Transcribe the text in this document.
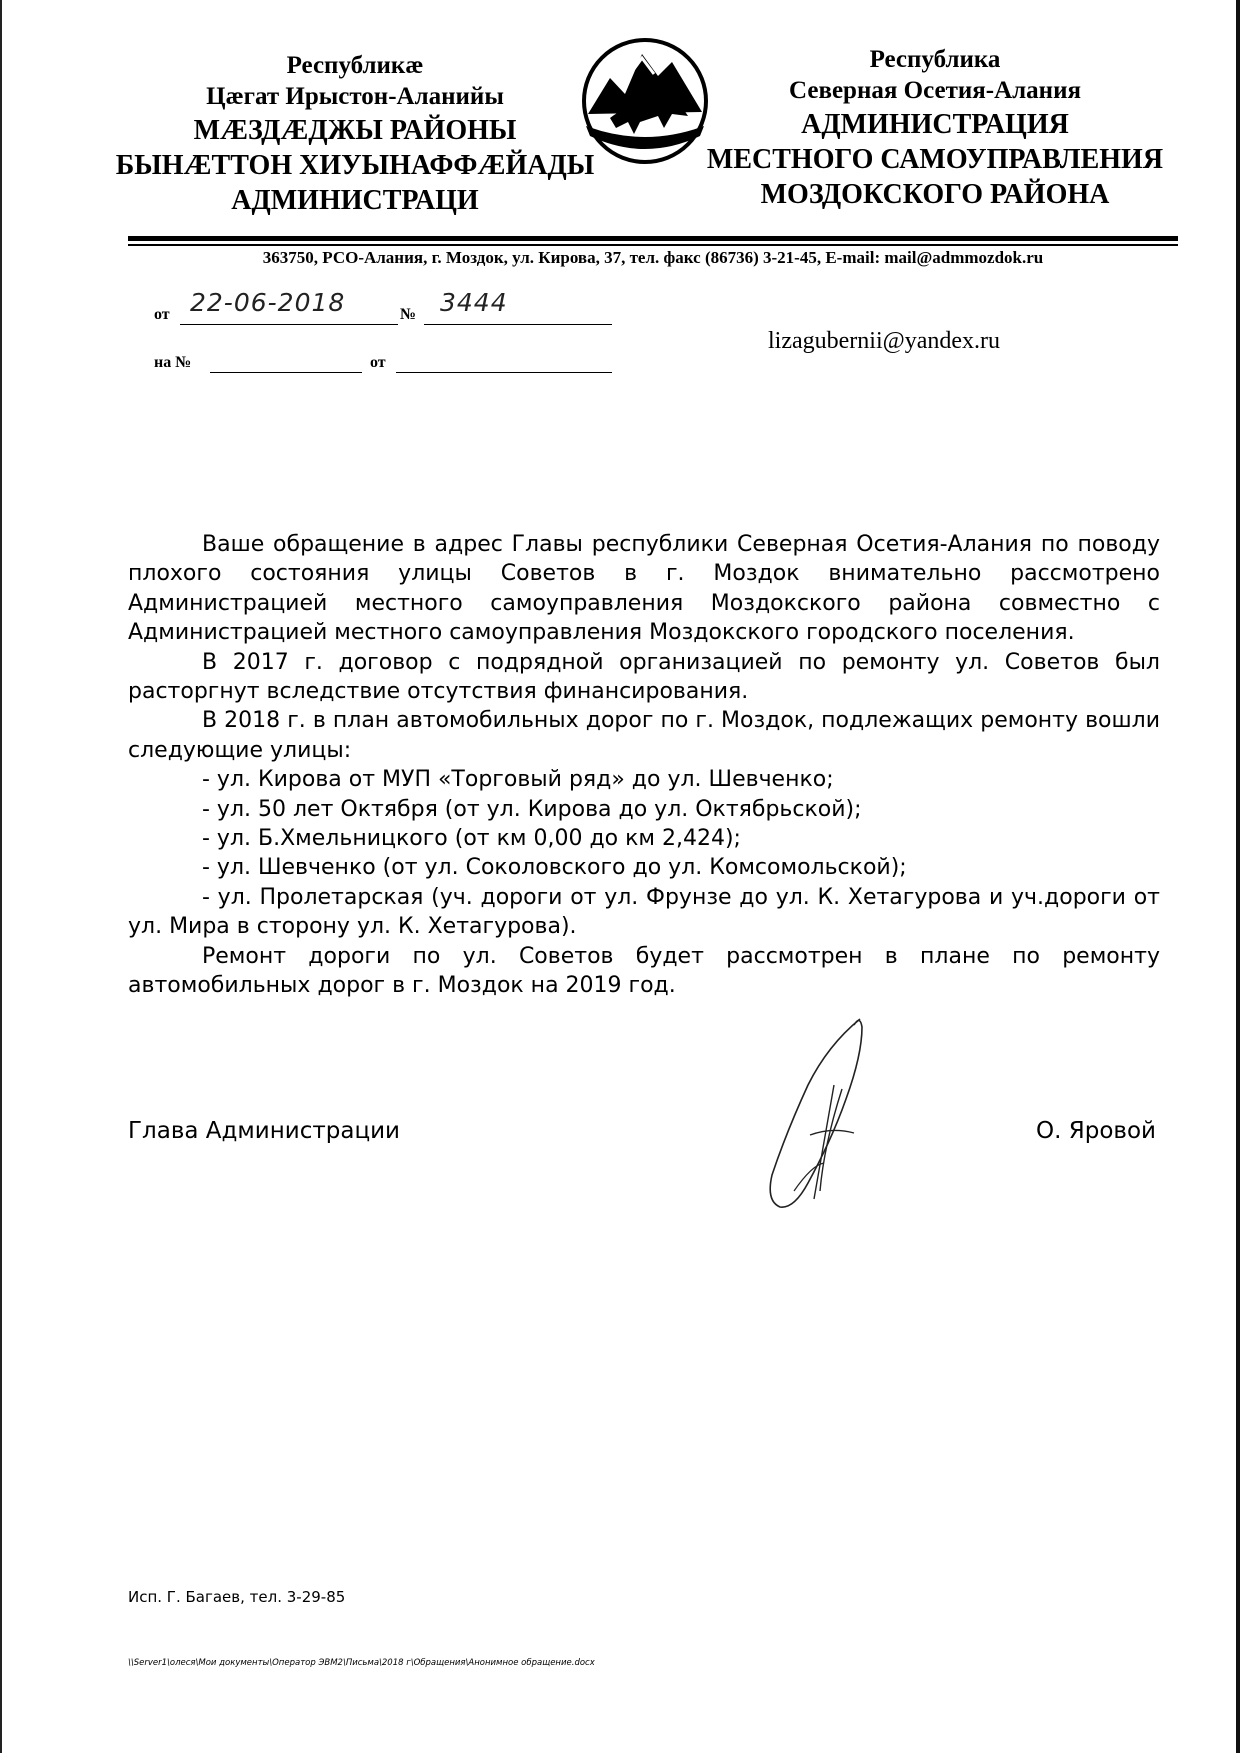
Республикæ
Цæгат Ирыстон-Аланийы
МÆЗДÆДЖЫ РАЙОНЫ
БЫНÆТТОН ХИУЫНАФФÆЙАДЫ
АДМИНИСТРАЦИ
Республика
Северная Осетия-Алания
АДМИНИСТРАЦИЯ
МЕСТНОГО САМОУПРАВЛЕНИЯ
МОЗДОКСКОГО РАЙОНА
363750, РСО-Алания, г. Моздок, ул. Кирова, 37, тел. факс (86736) 3-21-45, E-mail: mail@admmozdok.ru
от 22-06-2018	№ 3444
на №	от
lizagubernii@yandex.ru

Ваше обращение в адрес Главы республики Северная Осетия-Алания по поводу плохого состояния улицы Советов в г. Моздок внимательно рассмотрено Администрацией местного самоуправления Моздокского района совместно с Администрацией местного самоуправления Моздокского городского поселения.

В 2017 г. договор с подрядной организацией по ремонту ул. Советов был расторгнут вследствие отсутствия финансирования.

В 2018 г. в план автомобильных дорог по г. Моздок, подлежащих ремонту вошли следующие улицы:

- ул. Кирова от МУП «Торговый ряд» до ул. Шевченко;
- ул. 50 лет Октября (от ул. Кирова до ул. Октябрьской);
- ул. Б.Хмельницкого (от км 0,00 до км 2,424);
- ул. Шевченко (от ул. Соколовского до ул. Комсомольской);
- ул. Пролетарская (уч. дороги от ул. Фрунзе до ул. К. Хетагурова и уч.дороги от ул. Мира в сторону ул. К. Хетагурова).

Ремонт дороги по ул. Советов будет рассмотрен в плане по ремонту автомобильных дорог в г. Моздок на 2019 год.

Глава Администрации	О. Яровой
Исп. Г. Багаев, тел. 3-29-85
\\Server1\oлеся\Мои документы\Оператор ЭВМ2\Письма\2018 г\Обращения\Анонимное обращение.docx
